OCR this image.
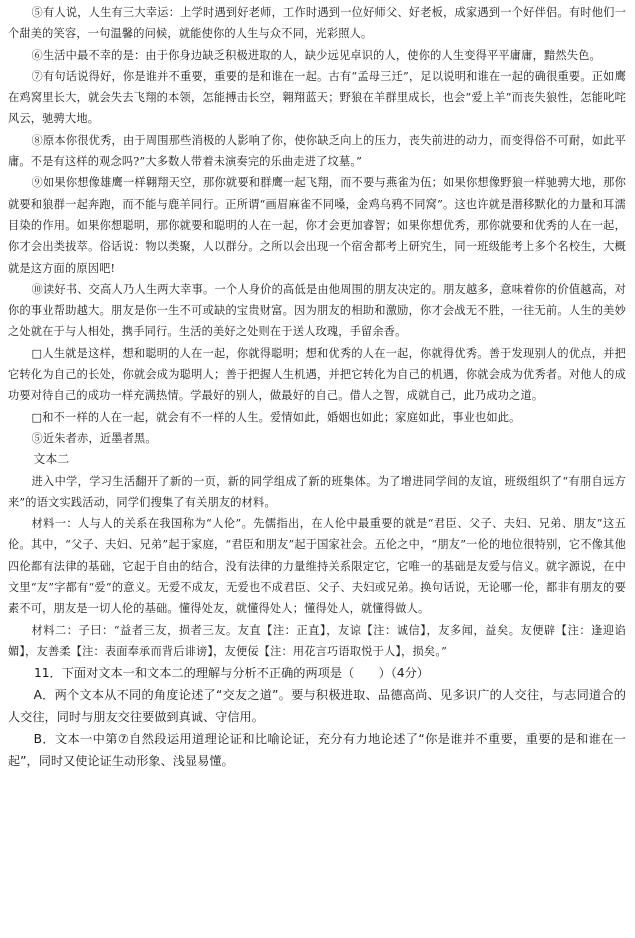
⑤有人说，人生有三大幸运：上学时遇到好老师，工作时遇到一位好师父、好老板，成家遇到一个好伴侣。有时他们一个甜美的笑容，一句温馨的问候，就能使你的人生与众不同，光彩照人。

⑥生活中最不幸的是：由于你身边缺乏积极进取的人，缺少远见卓识的人，使你的人生变得平平庸庸，黯然失色。

⑦有句话说得好，你是谁并不重要，重要的是和谁在一起。古有“孟母三迁”，足以说明和谁在一起的确很重要。正如鹰在鸡窝里长大，就会失去飞翔的本领，怎能搏击长空，翱翔蓝天；野狼在羊群里成长，也会“爱上羊”而丧失狼性，怎能叱咤风云，驰骋大地。

⑧原本你很优秀，由于周围那些消极的人影响了你，使你缺乏向上的压力，丧失前进的动力，而变得俗不可耐，如此平庸。不是有这样的观念吗?”大多数人带着未演奏完的乐曲走进了坟墓。”

⑨如果你想像雄鹰一样翱翔天空，那你就要和群鹰一起飞翔，而不要与燕雀为伍；如果你想像野狼一样驰骋大地，那你就要和狼群一起奔跑，而不能与鹿羊同行。正所谓“画眉麻雀不同嗓，金鸡乌鸦不同窝”。这也许就是潜移默化的力量和耳濡目染的作用。如果你想聪明，那你就要和聪明的人在一起，你才会更加睿智；如果你想优秀，那你就要和优秀的人在一起，你才会出类拔萃。俗话说：物以类聚，人以群分。之所以会出现一个宿舍都考上研究生，同一班级能考上多个名校生，大概就是这方面的原因吧!

⑩读好书、交高人乃人生两大幸事。一个人身价的高低是由他周围的朋友决定的。朋友越多，意味着你的价值越高，对你的事业帮助越大。朋友是你一生不可或缺的宝贵财富。因为朋友的相助和激励，你才会战无不胜，一往无前。人生的美妙之处就在于与人相处，携手同行。生活的美好之处则在于送人玫瑰，手留余香。

□人生就是这样，想和聪明的人在一起，你就得聪明；想和优秀的人在一起，你就得优秀。善于发现别人的优点，并把它转化为自己的长处，你就会成为聪明人；善于把握人生机遇，并把它转化为自己的机遇，你就会成为优秀者。对他人的成功要对待自己的成功一样充满热情。学最好的别人，做最好的自己。借人之智，成就自己，此乃成功之道。

□和不一样的人在一起，就会有不一样的人生。爱情如此，婚姻也如此；家庭如此，事业也如此。

⑤近朱者赤，近墨者黑。

文本二

进入中学，学习生活翻开了新的一页，新的同学组成了新的班集体。为了增进同学间的友谊，班级组织了“有朋自远方来”的语文实践活动，同学们搜集了有关朋友的材料。

材料一：人与人的关系在我国称为“人伦”。先儒指出，在人伦中最重要的就是“君臣、父子、夫妇、兄弟、朋友”这五伦。其中，“父子、夫妇、兄弟”起于家庭，“君臣和朋友”起于国家社会。五伦之中，“朋友”一伦的地位很特别，它不像其他四伦都有法律的基础，它起于自由的结合，没有法律的力量维持关系限定它，它唯一的基础是友爱与信义。就字源说，在中文里“友”字都有“爱”的意义。无爱不成友，无爱也不成君臣、父子、夫妇或兄弟。换句话说，无论哪一伦，都非有朋友的要素不可，朋友是一切人伦的基础。懂得处友，就懂得处人；懂得处人，就懂得做人。

材料二：子曰：“益者三友，损者三友。友直【注：正直】，友谅【注：诚信】，友多闻，益矣。友便辟【注：逢迎谄媚】，友善柔【注：表面奉承而背后诽谤】，友便佞【注：用花言巧语取悦于人】，损矣。”

11．下面对文本一和文本二的理解与分析不正确的两项是（　　）（4分）

A．两个文本从不同的角度论述了“交友之道”。要与积极进取、品德高尚、见多识广的人交往，与志同道合的人交往，同时与朋友交往要做到真诚、守信用。

B．文本一中第⑦自然段运用道理论证和比喻论证，充分有力地论述了“你是谁并不重要，重要的是和谁在一起”，同时又使论证生动形象、浅显易懂。
